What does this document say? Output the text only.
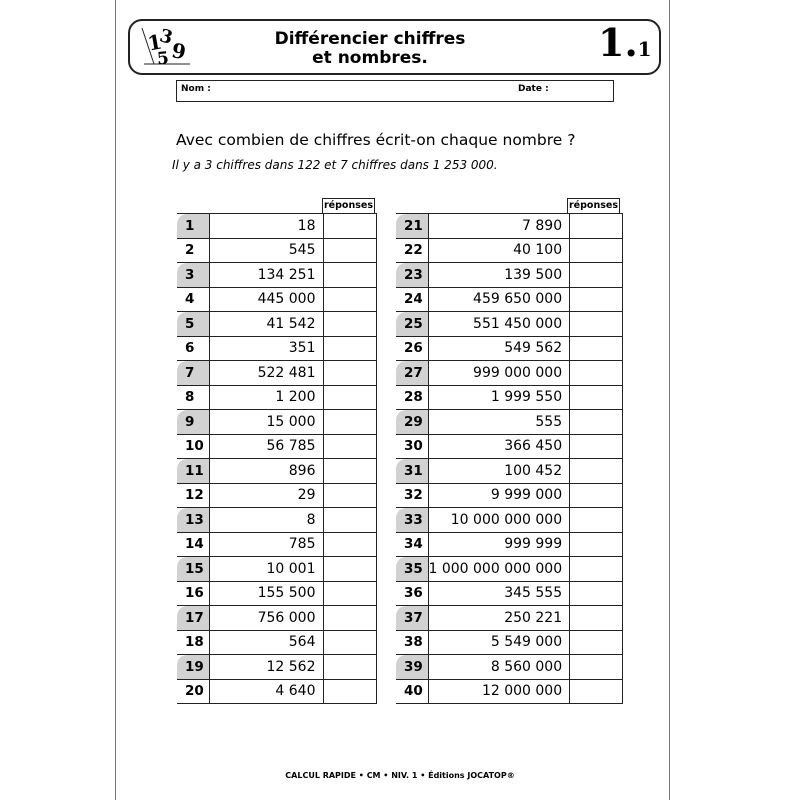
1
3
5 9	Différencier chiffres
et nombres.	1.1
Nom :	Date :
Avec combien de chiffres écrit-on chaque nombre ?
Il y a 3 chiffres dans 122 et 7 chiffres dans 1 253 000.
réponses	réponses
1	18	
2	545	
3	134 251	
4	445 000	
5	41 542	
6	351	
7	522 481	
8	1 200	
9	15 000	
10	56 785	
11	896	
12	29	
13	8	
14	785	
15	10 001	
16	155 500	
17	756 000	
18	564	
19	12 562	
20	4 640	
21	7 890	
22	40 100	
23	139 500	
24	459 650 000	
25	551 450 000	
26	549 562	
27	999 000 000	
28	1 999 550	
29	555	
30	366 450	
31	100 452	
32	9 999 000	
33	10 000 000 000	
34	999 999	
35	1 000 000 000 000	
36	345 555	
37	250 221	
38	5 549 000	
39	8 560 000	
40	12 000 000	
CALCUL RAPIDE • CM • NIV. 1 • Éditions JOCATOP®
